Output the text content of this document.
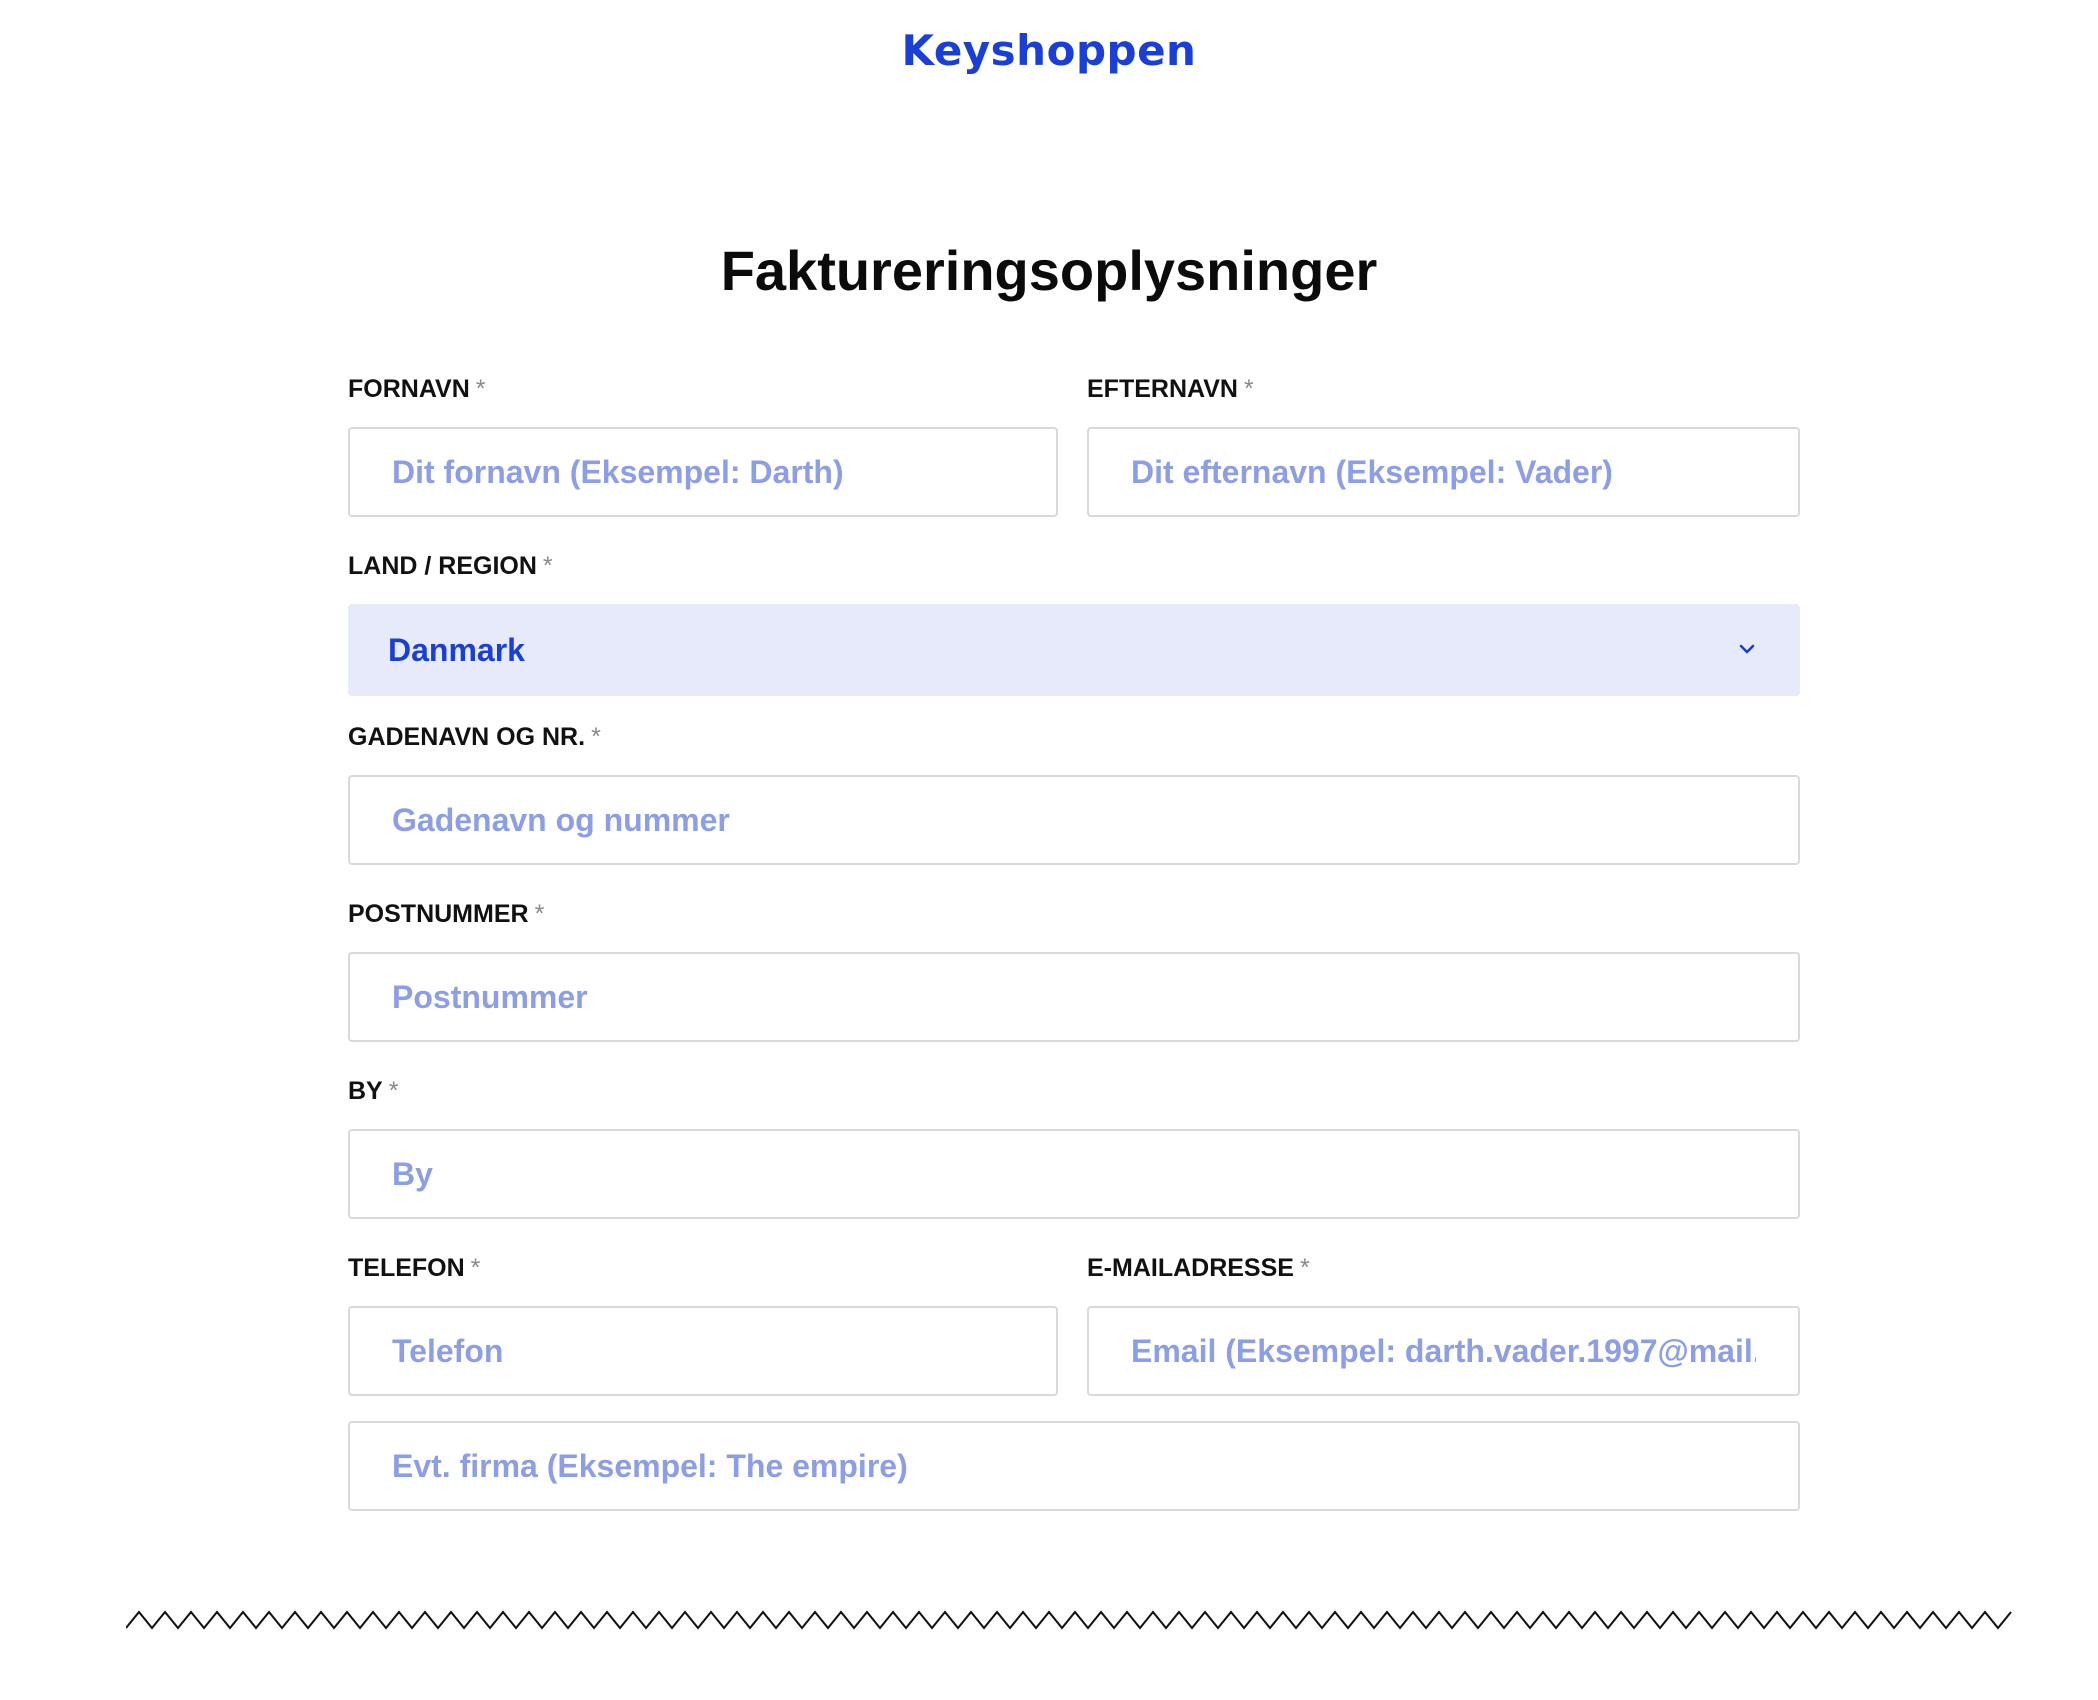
Keyshoppen
Faktureringsoplysninger
FORNAVN *
Dit fornavn (Eksempel: Darth)	EFTERNAVN *
Dit efternavn (Eksempel: Vader)
LAND / REGION *
Danmark
GADENAVN OG NR. *
Gadenavn og nummer
POSTNUMMER *
Postnummer
BY *
By
TELEFON *
Telefon	E-MAILADRESSE *
Email (Eksempel: darth.vader.1997@mail.com)
Evt. firma (Eksempel: The empire)
